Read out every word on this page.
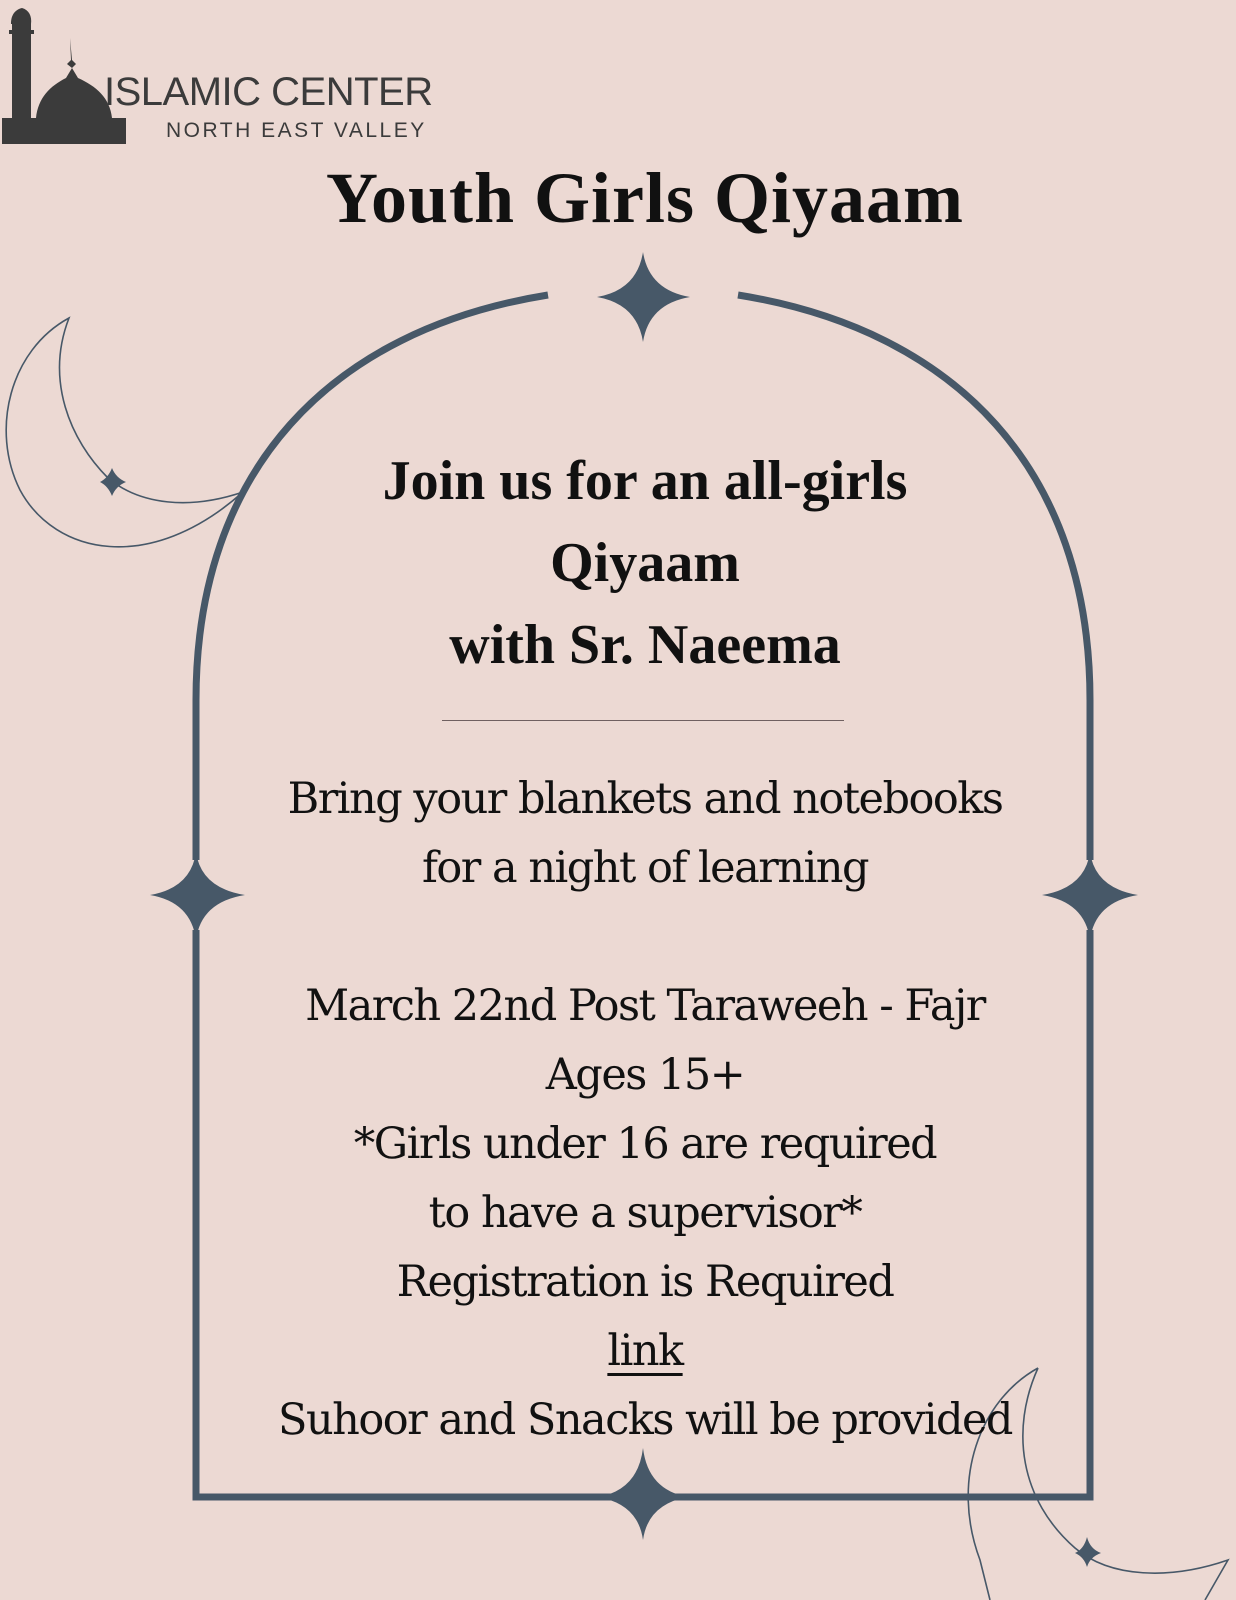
ISLAMIC CENTER
NORTH EAST VALLEY
Youth Girls Qiyaam
Join us for an all-girls
Qiyaam
with Sr. Naeema
Bring your blankets and notebooks
for a night of learning
March 22nd Post Taraweeh - Fajr
Ages 15+
*Girls under 16 are required
to have a supervisor*
Registration is Required
link
Suhoor and Snacks will be provided
